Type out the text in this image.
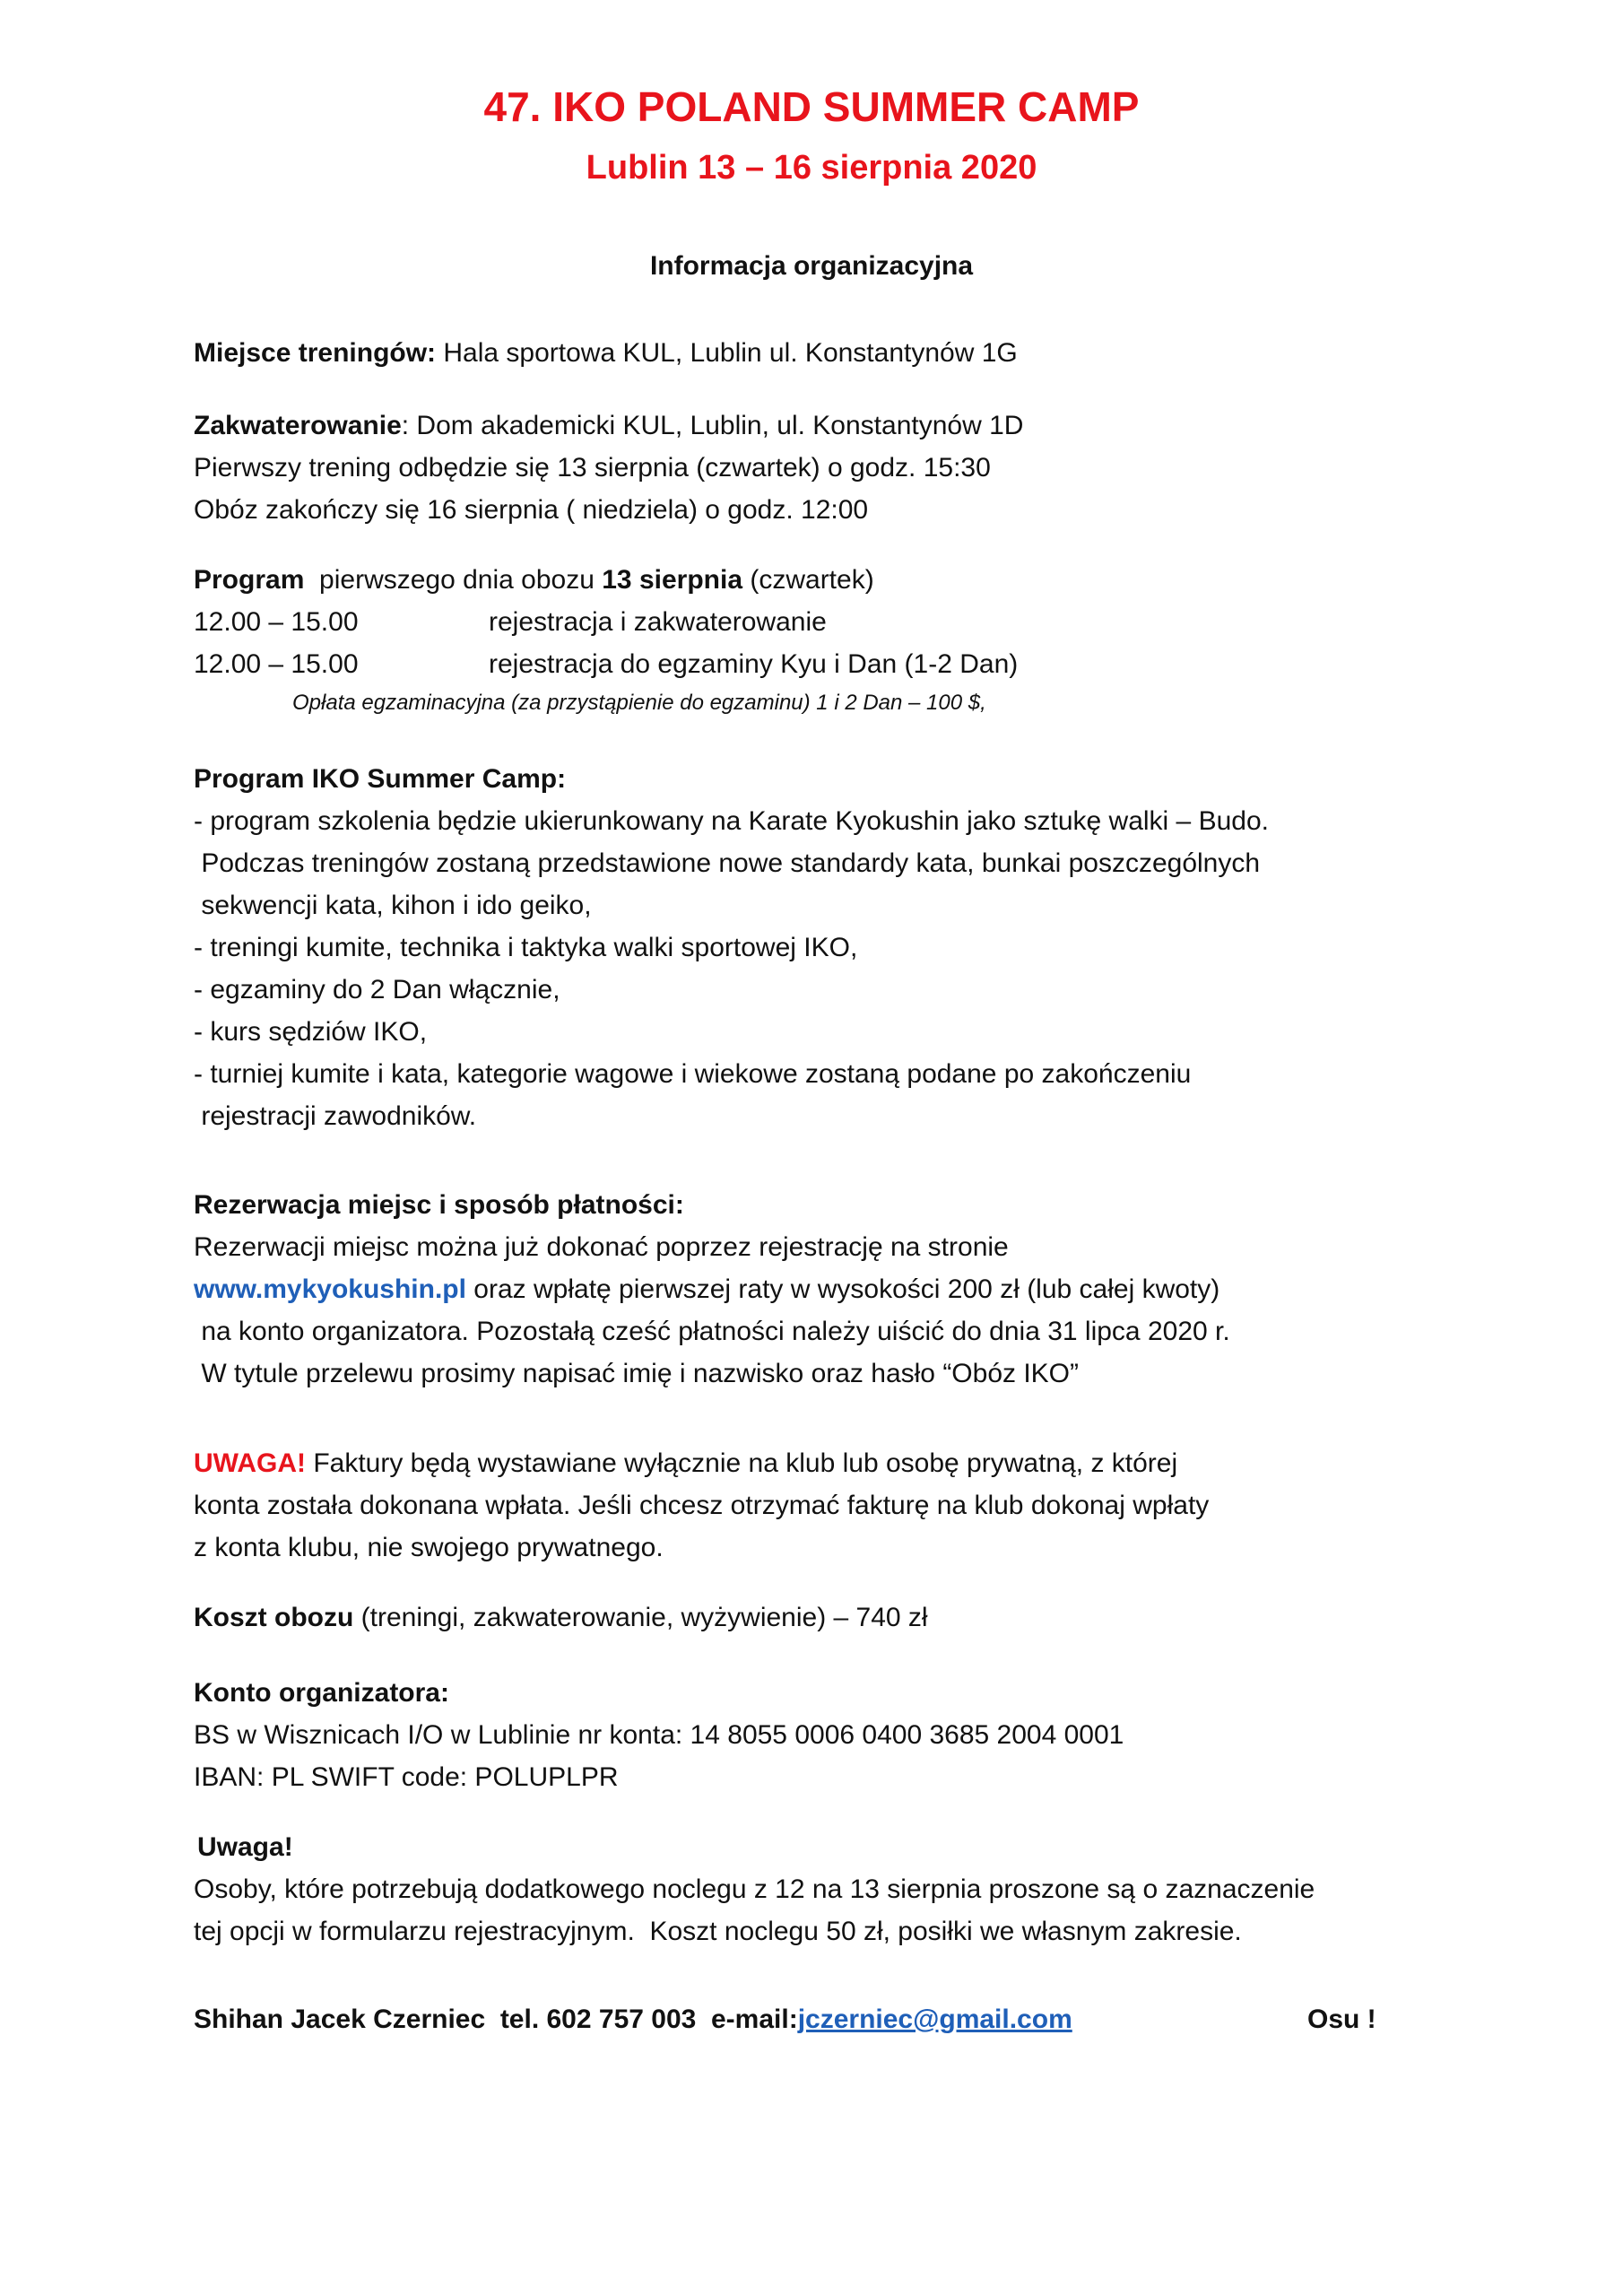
47. IKO POLAND SUMMER CAMP
Lublin 13 – 16 sierpnia 2020
Informacja organizacyjna
Miejsce treningów: Hala sportowa KUL, Lublin ul. Konstantynów 1G
Zakwaterowanie: Dom akademicki KUL, Lublin, ul. Konstantynów 1D
Pierwszy trening odbędzie się 13 sierpnia (czwartek) o godz. 15:30
Obóz zakończy się 16 sierpnia ( niedziela) o godz. 12:00
Program  pierwszego dnia obozu 13 sierpnia (czwartek)
12.00 – 15.00	rejestracja i zakwaterowanie
12.00 – 15.00	rejestracja do egzaminy Kyu i Dan (1-2 Dan)
Opłata egzaminacyjna (za przystąpienie do egzaminu) 1 i 2 Dan – 100 $,
Program IKO Summer Camp:
- program szkolenia będzie ukierunkowany na Karate Kyokushin jako sztukę walki – Budo.
Podczas treningów zostaną przedstawione nowe standardy kata, bunkai poszczególnych
sekwencji kata, kihon i ido geiko,
- treningi kumite, technika i taktyka walki sportowej IKO,
- egzaminy do 2 Dan włącznie,
- kurs sędziów IKO,
- turniej kumite i kata, kategorie wagowe i wiekowe zostaną podane po zakończeniu
rejestracji zawodników.
Rezerwacja miejsc i sposób płatności:
Rezerwacji miejsc można już dokonać poprzez rejestrację na stronie
www.mykyokushin.pl oraz wpłatę pierwszej raty w wysokości 200 zł (lub całej kwoty)
na konto organizatora. Pozostałą cześć płatności należy uiścić do dnia 31 lipca 2020 r.
W tytule przelewu prosimy napisać imię i nazwisko oraz hasło “Obóz IKO”
UWAGA! Faktury będą wystawiane wyłącznie na klub lub osobę prywatną, z której
konta została dokonana wpłata. Jeśli chcesz otrzymać fakturę na klub dokonaj wpłaty
z konta klubu, nie swojego prywatnego.
Koszt obozu (treningi, zakwaterowanie, wyżywienie) – 740 zł
Konto organizatora:
BS w Wisznicach I/O w Lublinie nr konta: 14 8055 0006 0400 3685 2004 0001
IBAN: PL SWIFT code: POLUPLPR
Uwaga!
Osoby, które potrzebują dodatkowego noclegu z 12 na 13 sierpnia proszone są o zaznaczenie
tej opcji w formularzu rejestracyjnym.  Koszt noclegu 50 zł, posiłki we własnym zakresie.
Shihan Jacek Czerniec  tel. 602 757 003  e-mail:jczerniec@gmail.com	Osu !
